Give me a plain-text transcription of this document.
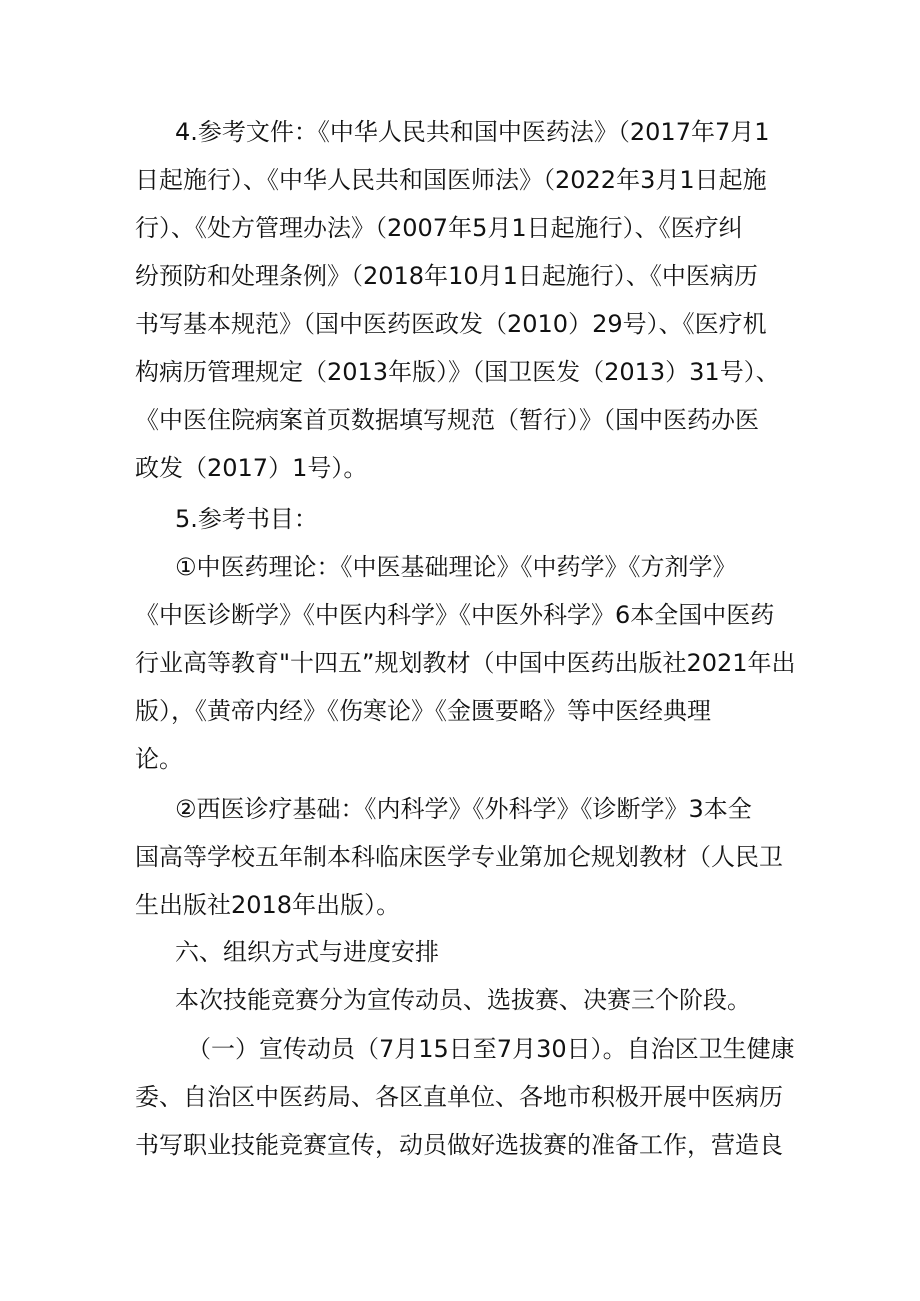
4.参考文件：《中华人民共和国中医药法》（2017年7月1
日起施行）、《中华人民共和国医师法》（2022年3月1日起施
行）、《处方管理办法》（2007年5月1日起施行）、《医疗纠
纷预防和处理条例》（2018年10月1日起施行）、《中医病历
书写基本规范》（国中医药医政发（2010）29号）、《医疗机
构病历管理规定（2013年版）》（国卫医发（2013）31号）、
《中医住院病案首页数据填写规范（暂行）》（国中医药办医
政发（2017）1号）。
5.参考书目：
①中医药理论：《中医基础理论》《中药学》《方剂学》
《中医诊断学》《中医内科学》《中医外科学》6本全国中医药
行业高等教育"十四五”规划教材（中国中医药出版社2021年出
版），《黄帝内经》《伤寒论》《金匮要略》等中医经典理
论。
②西医诊疗基础：《内科学》《外科学》《诊断学》3本全
国高等学校五年制本科临床医学专业第加仑规划教材（人民卫
生出版社2018年出版）。
六、组织方式与进度安排
本次技能竞赛分为宣传动员、选拔赛、决赛三个阶段。
（一）宣传动员（7月15日至7月30日）。自治区卫生健康
委、自治区中医药局、各区直单位、各地市积极开展中医病历
书写职业技能竞赛宣传，动员做好选拔赛的准备工作，营造良
